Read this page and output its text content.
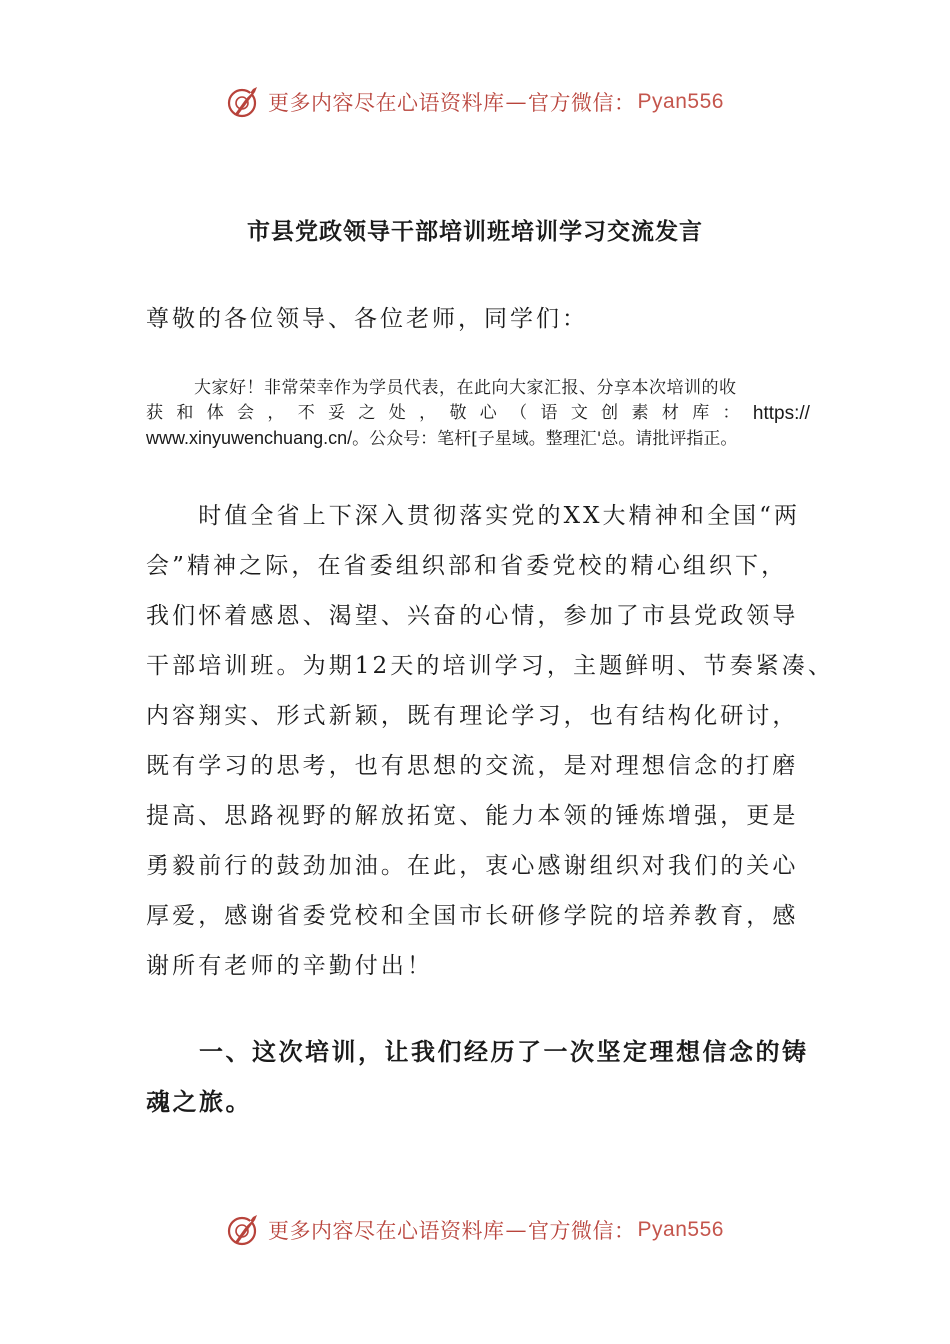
更多内容尽在心语资料库 — 官方微信： Pyan556
市县党政领导干部培训班培训学习交流发言
尊敬的各位领导、各位老师，同学们：
大家好！非常荣幸作为学员代表，在此向大家汇报、分享本次培训的收
获 和 体 会 ， 不 妥 之 处 ， 敬 心 （ 语 文 创 素 材 库 ： https://
www.xinyuwenchuang.cn/。公众号：笔杆[子星域。整理汇'总。请批评指正。
　　时值全省上下深入贯彻落实党的XX大精神和全国“两
会”精神之际，在省委组织部和省委党校的精心组织下，
我们怀着感恩、渴望、兴奋的心情，参加了市县党政领导
干部培训班。为期12天的培训学习，主题鲜明、节奏紧凑、
内容翔实、形式新颖，既有理论学习，也有结构化研讨，
既有学习的思考，也有思想的交流，是对理想信念的打磨
提高、思路视野的解放拓宽、能力本领的锤炼增强，更是
勇毅前行的鼓劲加油。在此，衷心感谢组织对我们的关心
厚爱，感谢省委党校和全国市长研修学院的培养教育，感
谢所有老师的辛勤付出！
　　一、这次培训，让我们经历了一次坚定理想信念的铸
魂之旅。
更多内容尽在心语资料库 — 官方微信： Pyan556
